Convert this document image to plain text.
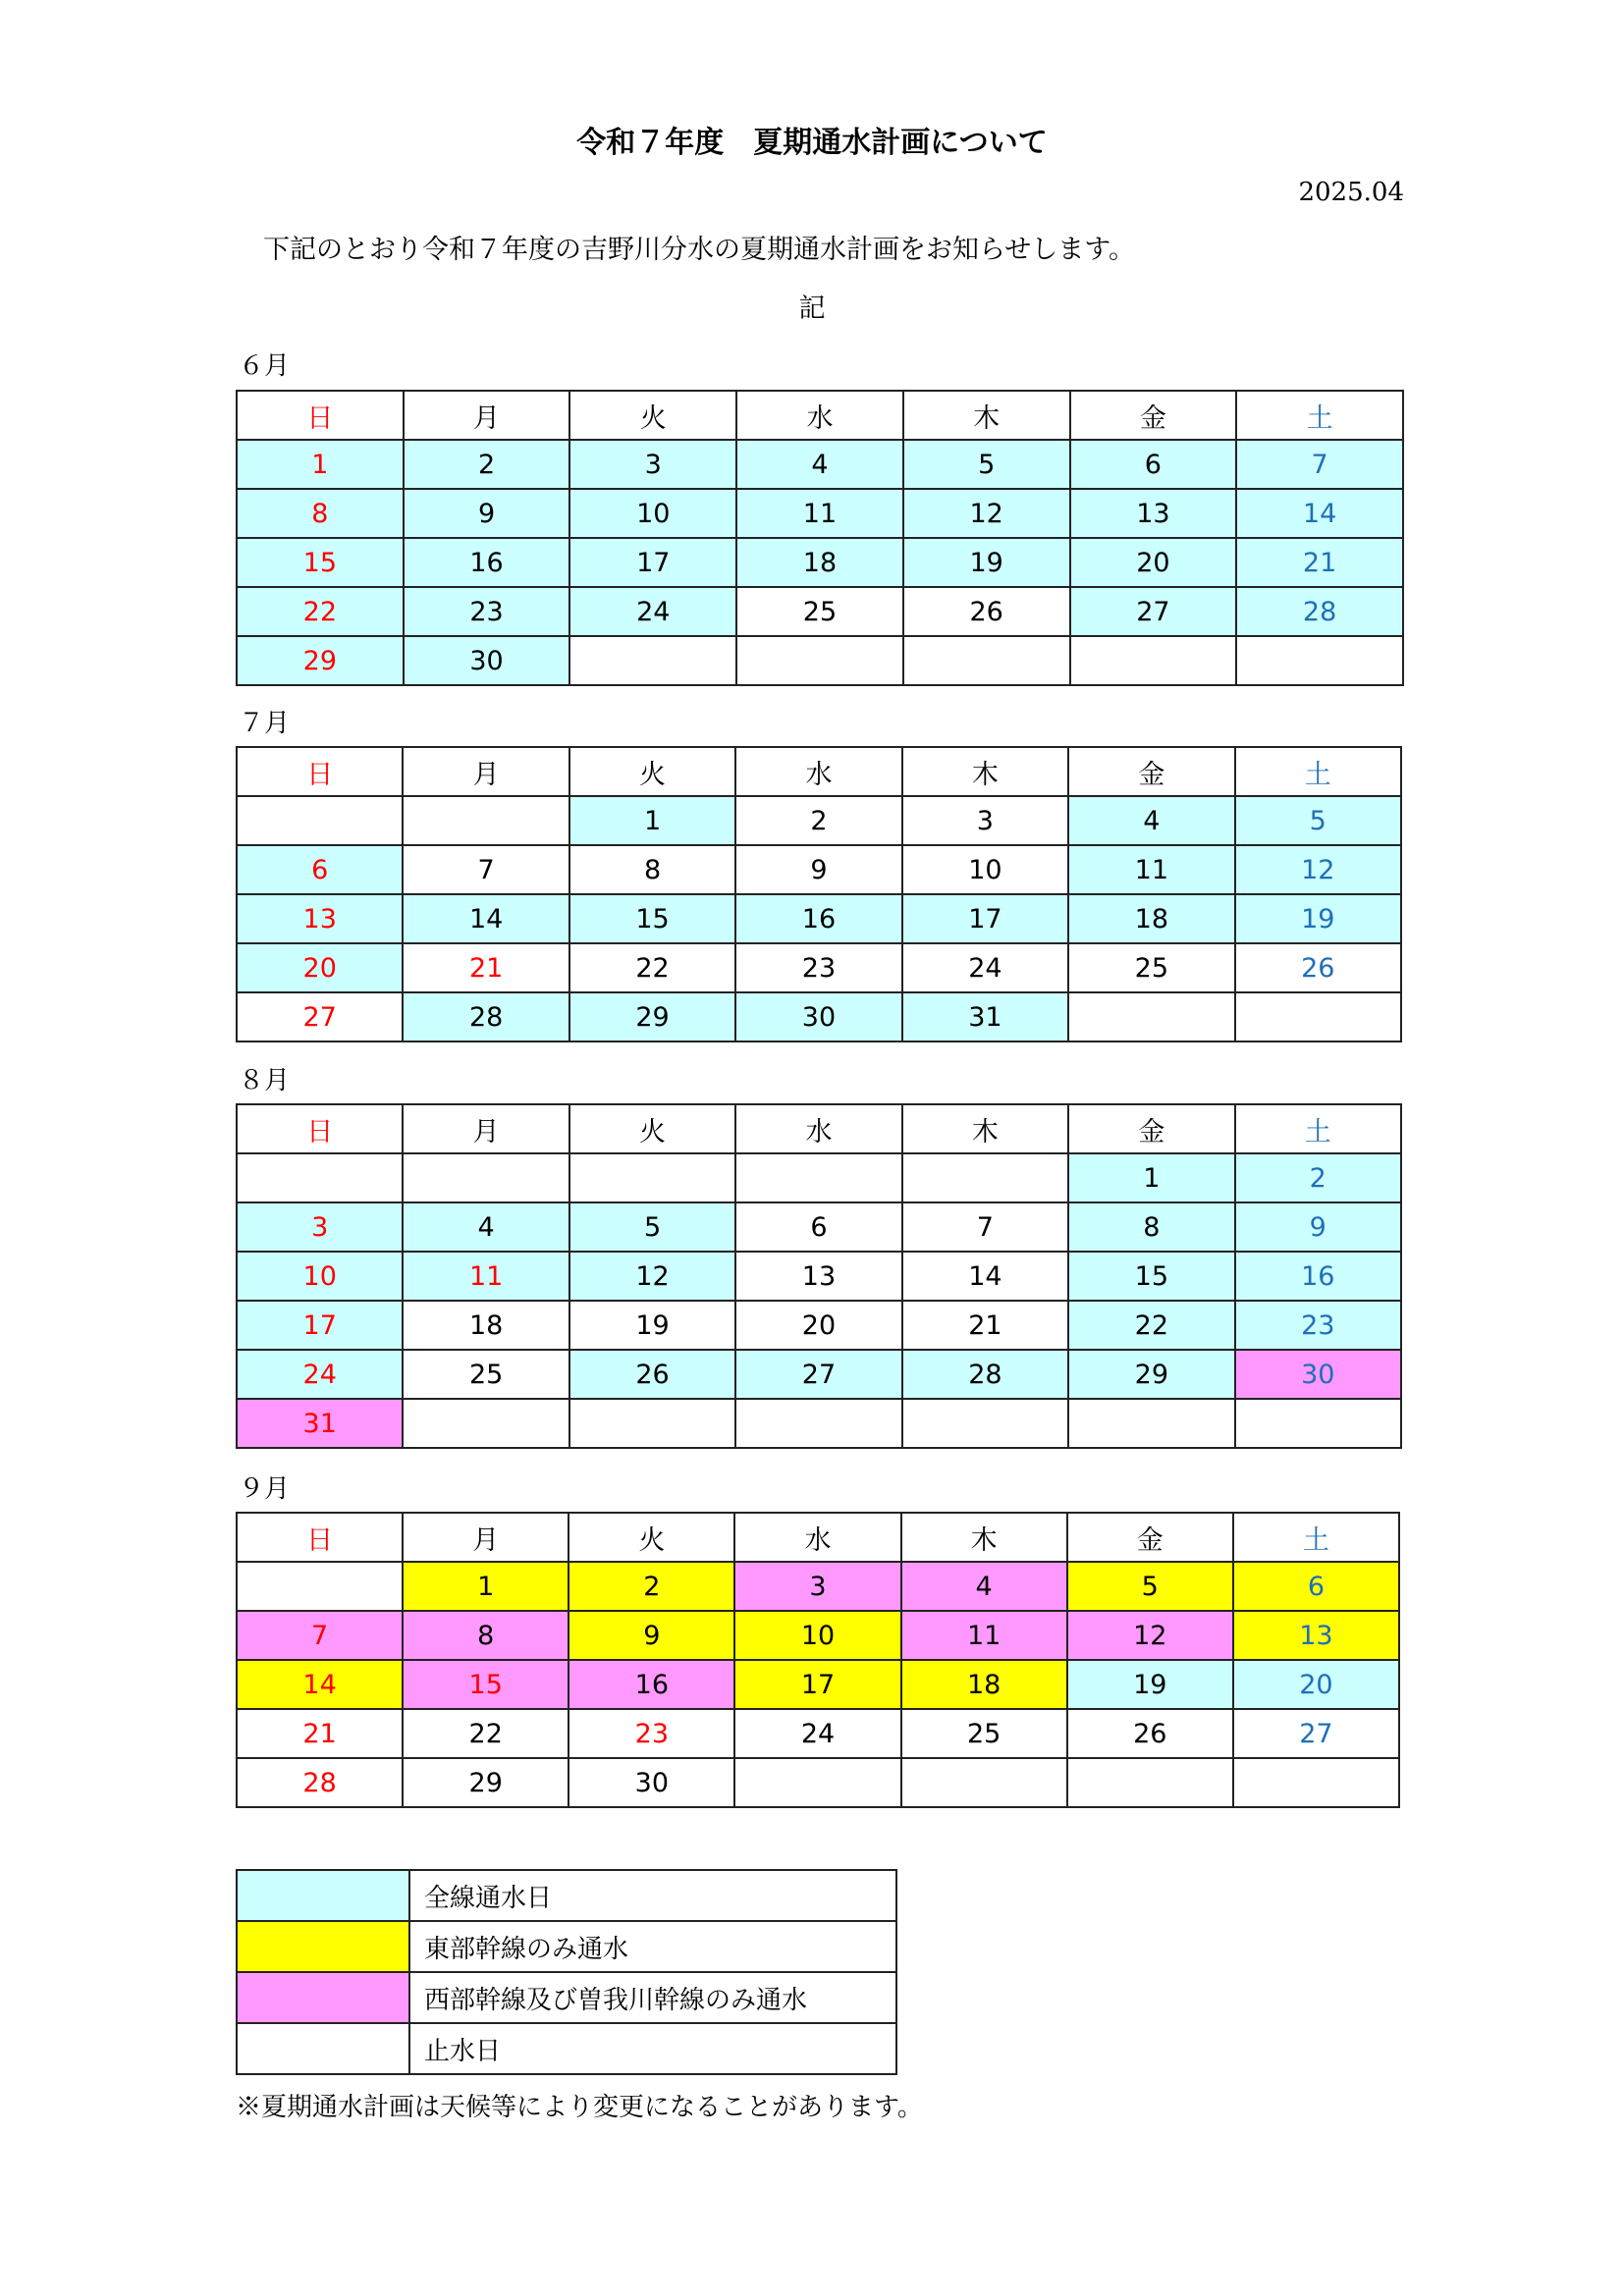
令和７年度　夏期通水計画について
2025.04
下記のとおり令和７年度の吉野川分水の夏期通水計画をお知らせします。
記
６月
日	月	火	水	木	金	土
1	2	3	4	5	6	7
8	9	10	11	12	13	14
15	16	17	18	19	20	21
22	23	24	25	26	27	28
29	30					
７月
日	月	火	水	木	金	土
		1	2	3	4	5
6	7	8	9	10	11	12
13	14	15	16	17	18	19
20	21	22	23	24	25	26
27	28	29	30	31		
８月
日	月	火	水	木	金	土
					1	2
3	4	5	6	7	8	9
10	11	12	13	14	15	16
17	18	19	20	21	22	23
24	25	26	27	28	29	30
31						
９月
日	月	火	水	木	金	土
	1	2	3	4	5	6
7	8	9	10	11	12	13
14	15	16	17	18	19	20
21	22	23	24	25	26	27
28	29	30				
	全線通水日
	東部幹線のみ通水
	西部幹線及び曽我川幹線のみ通水
	止水日
※夏期通水計画は天候等により変更になることがあります。
